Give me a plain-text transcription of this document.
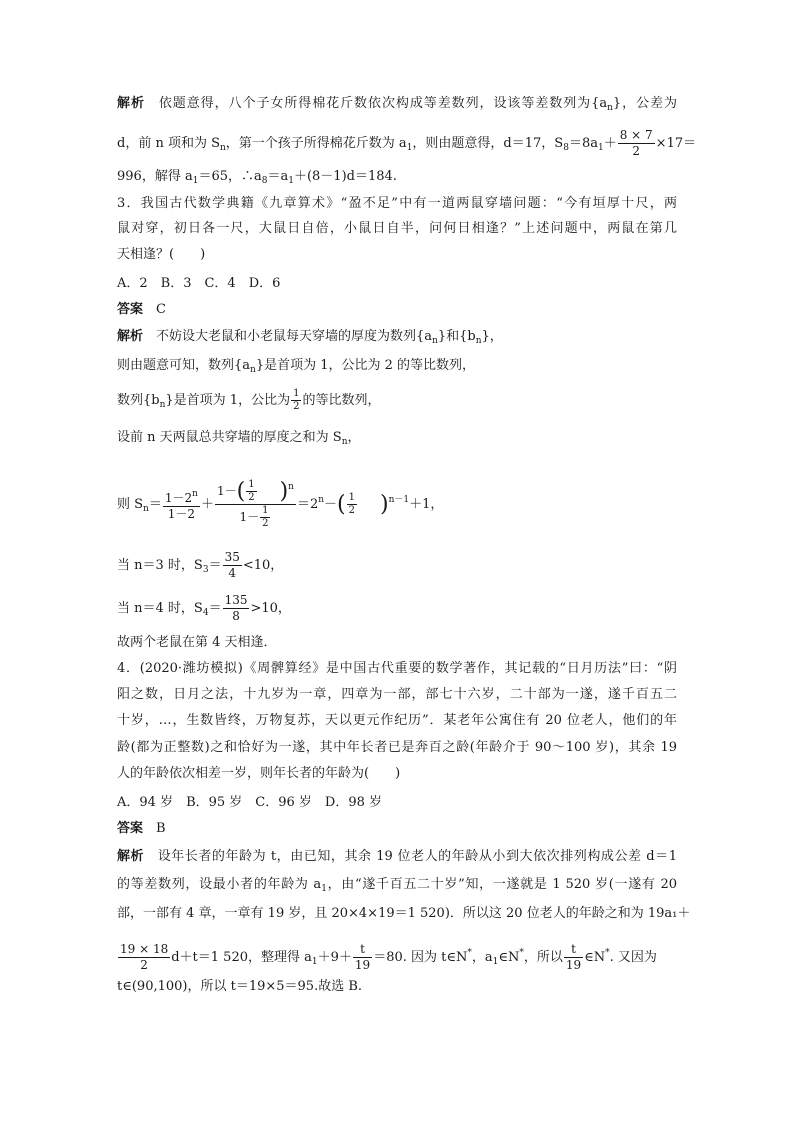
解析　 依题意得，八个子女所得棉花斤数依次构成等差数列，设该等差数列为$\{a_n\}$，公差为
d，前 n 项和为 $S_n$，第一个孩子所得棉花斤数为 $a_1$，则由题意得，d＝17，$S_8=8a_1+ \frac{8 \times 7}{2} \times 17=$
996，解得 $a_1=65$，$\therefore a_8=a_1+(8-1)d=184$.
3．我国古代数学典籍《九章算术》“盈不足”中有一道两鼠穿墙问题：“今有垣厚十尺，两
鼠对穿，初日各一尺，大鼠日自倍，小鼠日自半，问何日相逢？”上述问题中，两鼠在第几
天相逢？(　　)
A．2　B．3　C．4　D．6
答案　 C
解析　 不妨设大老鼠和小老鼠每天穿墙的厚度为数列$\{a_n\}$和$\{b_n\}$，
则由题意可知，数列$\{a_n\}$是首项为 1，公比为 2 的等比数列，
数列$\{b_n\}$是首项为 1，公比为 $\frac{1}{2}$ 的等比数列，
设前 n 天两鼠总共穿墙的厚度之和为 $S_n$，
则 $S_n= \frac{1-2^n}{1-2} + \frac{1-( \frac{1}{2} )^n}{1- \frac{1}{2}} =2^n-( \frac{1}{2} )^{n-1}+1$，
当 n＝3 时，$S_3= \frac{35}{4} <10$，
当 n＝4 时，$S_4= \frac{135}{8} >10$，
故两个老鼠在第 4 天相逢．
4．(2020·潍坊模拟)《周髀算经》是中国古代重要的数学著作，其记载的“日月历法”曰：“阴
阳之数，日月之法，十九岁为一章，四章为一部，部七十六岁，二十部为一遂，遂千百五二
十岁，…，生数皆终，万物复苏，天以更元作纪历”．某老年公寓住有 20 位老人，他们的年
龄(都为正整数)之和恰好为一遂，其中年长者已是奔百之龄(年龄介于 90～100 岁)，其余 19
人的年龄依次相差一岁，则年长者的年龄为(　　)
A．94 岁　B．95 岁　C．96 岁　D．98 岁
答案　 B
解析　 设年长者的年龄为 t，由已知，其余 19 位老人的年龄从小到大依次排列构成公差 d＝1
的等差数列，设最小者的年龄为 $a_1$，由“遂千百五二十岁”知，一遂就是 1 520 岁(一遂有 20
部，一部有 4 章，一章有 19 岁，且 20×4×19＝1 520)．所以这 20 位老人的年龄之和为 19a₁＋
$\frac{19 \times 18}{2} d+t=1$ 520，整理得 $a_1+9+ \frac{t}{19} =80$. 因为 t∈N*，$a_1\in N^*$，所以 $\frac{t}{19}$ ∈N*. 又因为
t∈(90,100)，所以 t＝19×5＝95.故选 B.
